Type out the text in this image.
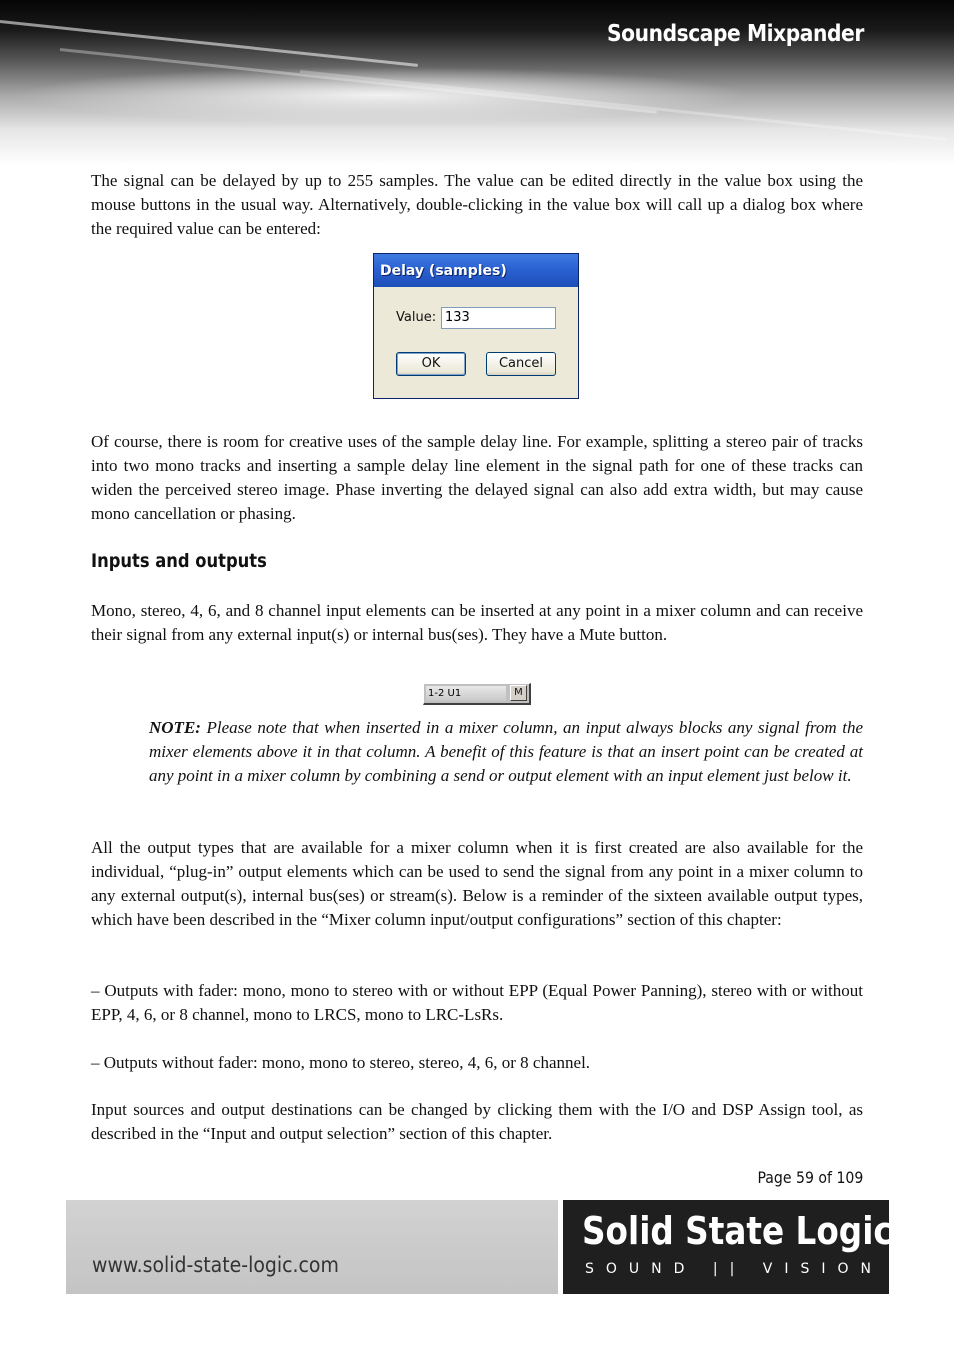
Soundscape Mixpander

The signal can be delayed by up to 255 samples. The value can be edited directly in the value box using the mouse buttons in the usual way. Alternatively, double-clicking in the value box will call up a dialog box where the required value can be entered:

Delay (samples)
Value: 133
OK	Cancel

Of course, there is room for creative uses of the sample delay line. For example, splitting a stereo pair of tracks into two mono tracks and inserting a sample delay line element in the signal path for one of these tracks can widen the perceived stereo image. Phase inverting the delayed signal can also add extra width, but may cause mono cancellation or phasing.

Inputs and outputs

Mono, stereo, 4, 6, and 8 channel input elements can be inserted at any point in a mixer column and can receive their signal from any external input(s) or internal bus(ses). They have a Mute button.

1-2 U1	M

NOTE: Please note that when inserted in a mixer column, an input always blocks any signal from the mixer elements above it in that column. A benefit of this feature is that an insert point can be created at any point in a mixer column by combining a send or output element with an input element just below it.

All the output types that are available for a mixer column when it is first created are also available for the individual, “plug-in” output elements which can be used to send the signal from any point in a mixer column to any external output(s), internal bus(ses) or stream(s). Below is a reminder of the sixteen available output types, which have been described in the “Mixer column input/output configurations” section of this chapter:

– Outputs with fader: mono, mono to stereo with or without EPP (Equal Power Panning), stereo with or without EPP, 4, 6, or 8 channel, mono to LRCS, mono to LRC-LsRs.

– Outputs without fader: mono, mono to stereo, stereo, 4, 6, or 8 channel.

Input sources and output destinations can be changed by clicking them with the I/O and DSP Assign tool, as described in the “Input and output selection” section of this chapter.

Page 59 of 109
www.solid-state-logic.com
Solid State Logic
SOUND || VISION
